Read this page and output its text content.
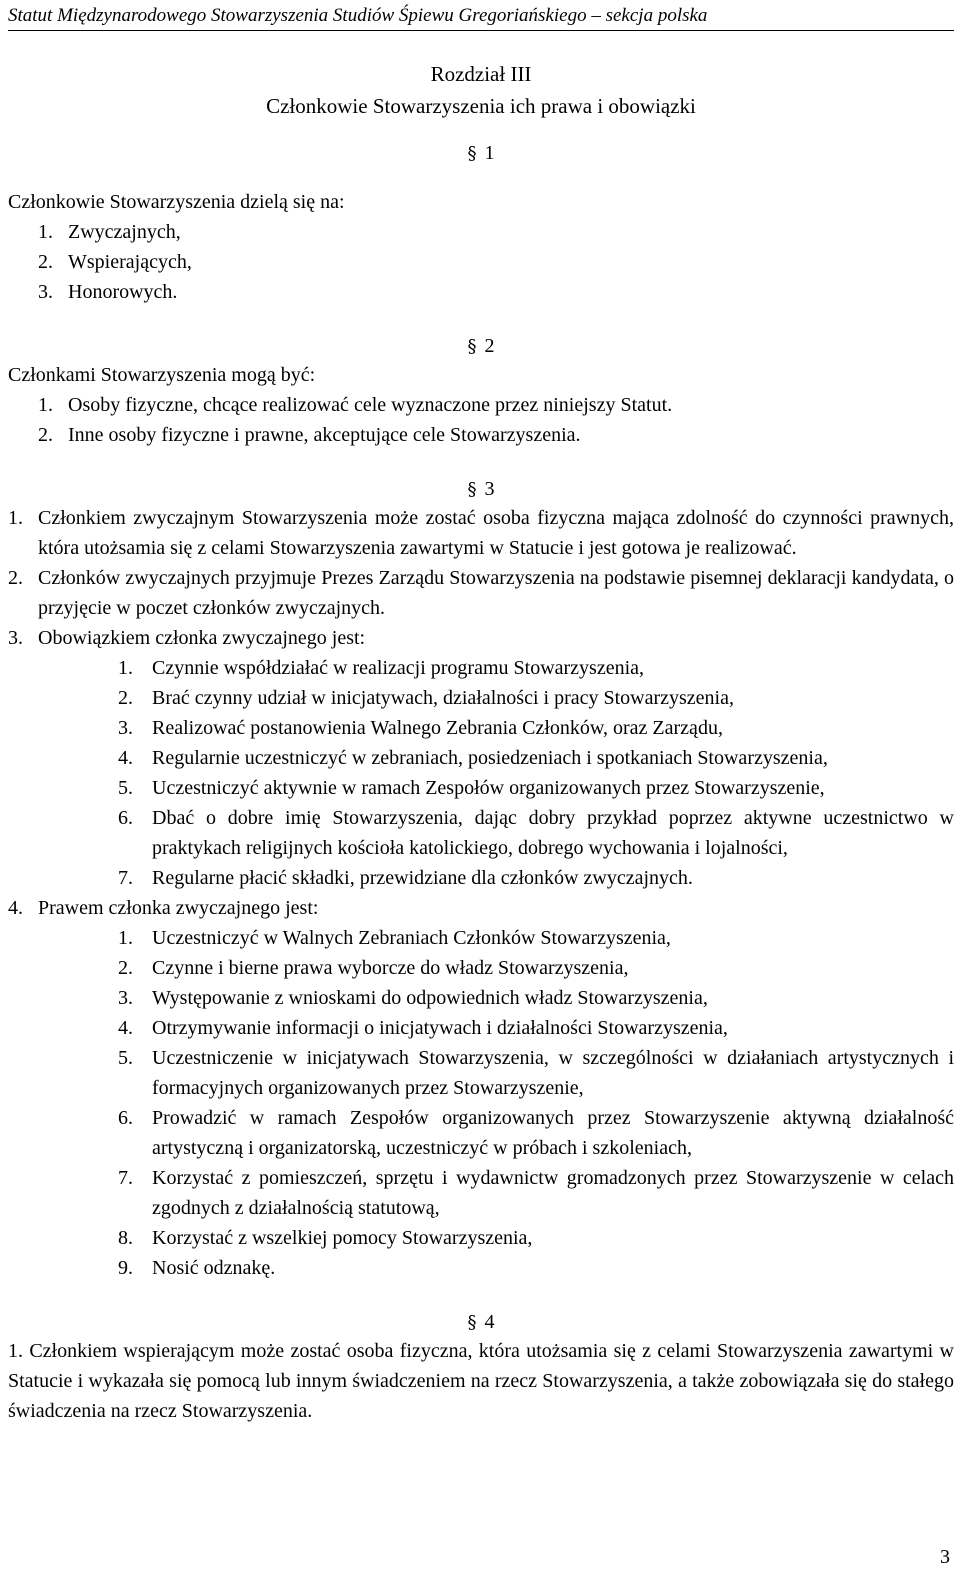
Statut Międzynarodowego Stowarzyszenia Studiów Śpiewu Gregoriańskiego – sekcja polska
Rozdział III
Członkowie Stowarzyszenia ich prawa i obowiązki
§ 1
Członkowie Stowarzyszenia dzielą się na:
1. Zwyczajnych,
2. Wspierających,
3. Honorowych.
§ 2
Członkami Stowarzyszenia mogą być:
1. Osoby fizyczne, chcące realizować cele wyznaczone przez niniejszy Statut.
2. Inne osoby fizyczne i prawne, akceptujące cele Stowarzyszenia.
§ 3
1. Członkiem zwyczajnym Stowarzyszenia może zostać osoba fizyczna mająca zdolność do czynności prawnych, która utożsamia się z celami Stowarzyszenia zawartymi w Statucie i jest gotowa je realizować.
2. Członków zwyczajnych przyjmuje Prezes Zarządu Stowarzyszenia na podstawie pisemnej deklaracji kandydata, o przyjęcie w poczet członków zwyczajnych.
3. Obowiązkiem członka zwyczajnego jest:
1. Czynnie współdziałać w realizacji programu Stowarzyszenia,
2. Brać czynny udział w inicjatywach, działalności i pracy Stowarzyszenia,
3. Realizować postanowienia Walnego Zebrania Członków, oraz Zarządu,
4. Regularnie uczestniczyć w zebraniach, posiedzeniach i spotkaniach Stowarzyszenia,
5. Uczestniczyć aktywnie w ramach Zespołów organizowanych przez Stowarzyszenie,
6. Dbać o dobre imię Stowarzyszenia, dając dobry przykład poprzez aktywne uczestnictwo w praktykach religijnych kościoła katolickiego, dobrego wychowania i lojalności,
7. Regularne płacić składki, przewidziane dla członków zwyczajnych.
4. Prawem członka zwyczajnego jest:
1. Uczestniczyć w Walnych Zebraniach Członków Stowarzyszenia,
2. Czynne i bierne prawa wyborcze do władz Stowarzyszenia,
3. Występowanie z wnioskami do odpowiednich władz Stowarzyszenia,
4. Otrzymywanie informacji o inicjatywach i działalności Stowarzyszenia,
5. Uczestniczenie w inicjatywach Stowarzyszenia, w szczególności w działaniach artystycznych i formacyjnych organizowanych przez Stowarzyszenie,
6. Prowadzić w ramach Zespołów organizowanych przez Stowarzyszenie aktywną działalność artystyczną i organizatorską, uczestniczyć w próbach i szkoleniach,
7. Korzystać z pomieszczeń, sprzętu i wydawnictw gromadzonych przez Stowarzyszenie w celach zgodnych z działalnością statutową,
8. Korzystać z wszelkiej pomocy Stowarzyszenia,
9. Nosić odznakę.
§ 4
1. Członkiem wspierającym może zostać osoba fizyczna, która utożsamia się z celami Stowarzyszenia zawartymi w Statucie i wykazała się pomocą lub innym świadczeniem na rzecz Stowarzyszenia, a także zobowiązała się do stałego świadczenia na rzecz Stowarzyszenia.
3
